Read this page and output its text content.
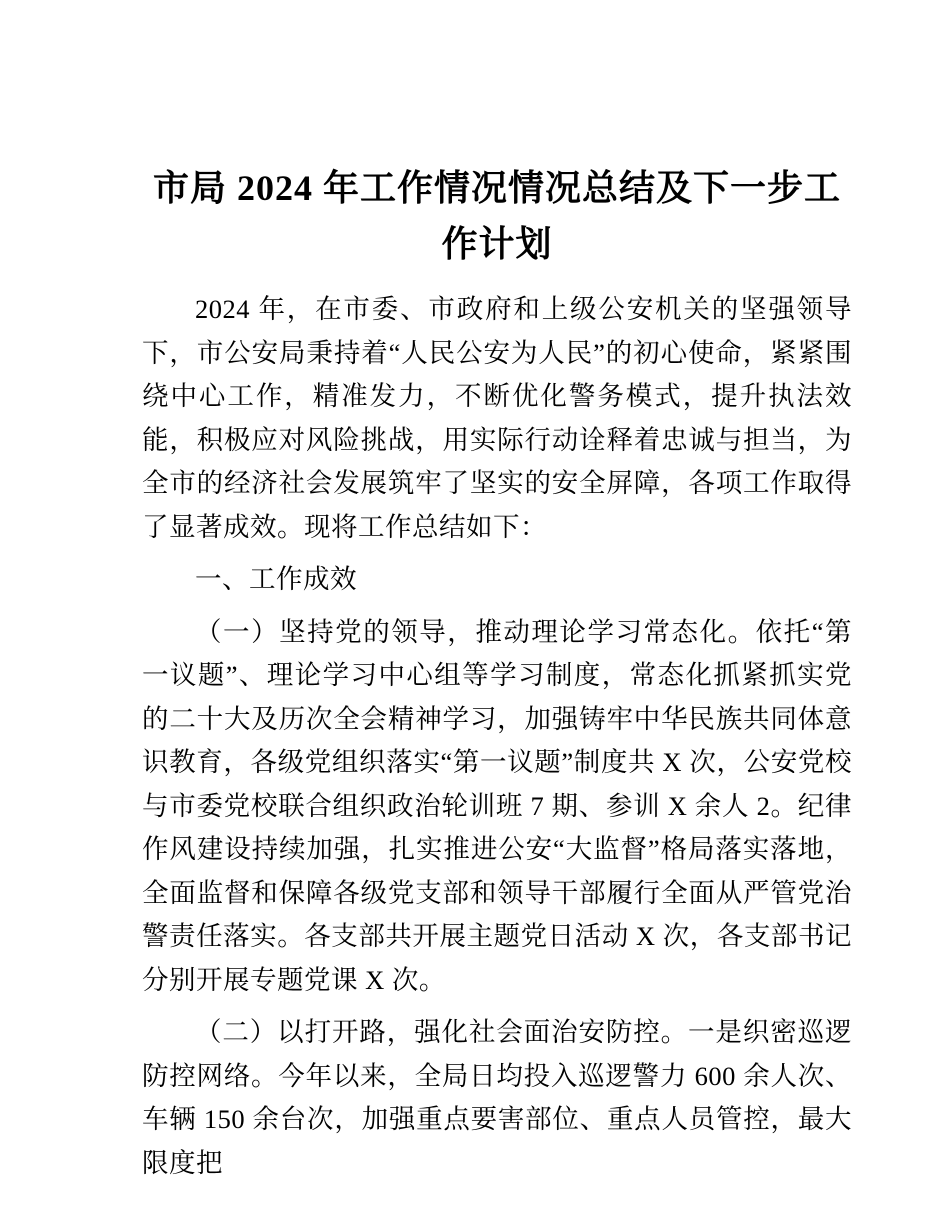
市局 2024 年工作情况情况总结及下一步工作计划

2024 年，在市委、市政府和上级公安机关的坚强领导下，市公安局秉持着“人民公安为人民”的初心使命，紧紧围绕中心工作，精准发力，不断优化警务模式，提升执法效能，积极应对风险挑战，用实际行动诠释着忠诚与担当，为全市的经济社会发展筑牢了坚实的安全屏障，各项工作取得了显著成效。现将工作总结如下：

一、工作成效

（一）坚持党的领导，推动理论学习常态化。依托“第一议题”、理论学习中心组等学习制度，常态化抓紧抓实党的二十大及历次全会精神学习，加强铸牢中华民族共同体意识教育，各级党组织落实“第一议题”制度共 X 次，公安党校与市委党校联合组织政治轮训班 7 期、参训 X 余人 2。纪律作风建设持续加强，扎实推进公安“大监督”格局落实落地，全面监督和保障各级党支部和领导干部履行全面从严管党治警责任落实。各支部共开展主题党日活动 X 次，各支部书记分别开展专题党课 X 次。

（二）以打开路，强化社会面治安防控。一是织密巡逻防控网络。今年以来，全局日均投入巡逻警力 600 余人次、车辆 150 余台次，加强重点要害部位、重点人员管控，最大限度把
